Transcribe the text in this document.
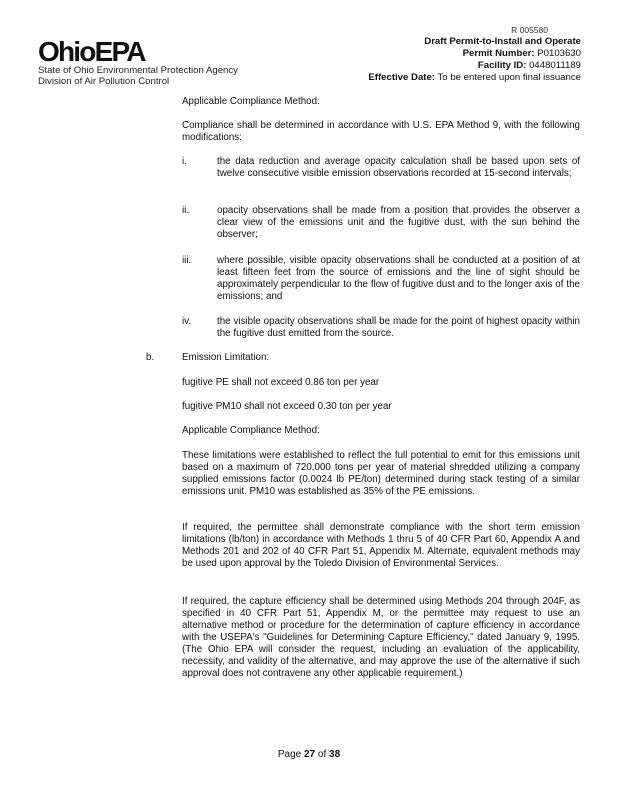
OhioEPA
State of Ohio Environmental Protection Agency
Division of Air Pollution Control
R 005580
Draft Permit-to-Install and Operate
Permit Number: P0103630
Facility ID: 0448011189
Effective Date: To be entered upon final issuance
Applicable Compliance Method:
Compliance shall be determined in accordance with U.S. EPA Method 9, with the following modifications:
i.	the data reduction and average opacity calculation shall be based upon sets of twelve consecutive visible emission observations recorded at 15-second intervals;
ii.	opacity observations shall be made from a position that provides the observer a clear view of the emissions unit and the fugitive dust, with the sun behind the observer;
iii.	where possible, visible opacity observations shall be conducted at a position of at least fifteen feet from the source of emissions and the line of sight should be approximately perpendicular to the flow of fugitive dust and to the longer axis of the emissions; and
iv.	the visible opacity observations shall be made for the point of highest opacity within the fugitive dust emitted from the source.
b.	Emission Limitation:
fugitive PE shall not exceed 0.86 ton per year
fugitive PM10 shall not exceed 0.30 ton per year
Applicable Compliance Method:
These limitations were established to reflect the full potential to emit for this emissions unit based on a maximum of 720,000 tons per year of material shredded utilizing a company supplied emissions factor (0.0024 lb PE/ton) determined during stack testing of a similar emissions unit. PM10 was established as 35% of the PE emissions.
If required, the permittee shall demonstrate compliance with the short term emission limitations (lb/ton) in accordance with Methods 1 thru 5 of 40 CFR Part 60, Appendix A and Methods 201 and 202 of 40 CFR Part 51, Appendix M. Alternate, equivalent methods may be used upon approval by the Toledo Division of Environmental Services.
If required, the capture efficiency shall be determined using Methods 204 through 204F, as specified in 40 CFR Part 51, Appendix M, or the permittee may request to use an alternative method or procedure for the determination of capture efficiency in accordance with the USEPA's "Guidelines for Determining Capture Efficiency," dated January 9, 1995. (The Ohio EPA will consider the request, including an evaluation of the applicability, necessity, and validity of the alternative, and may approve the use of the alternative if such approval does not contravene any other applicable requirement.)
Page 27 of 38
